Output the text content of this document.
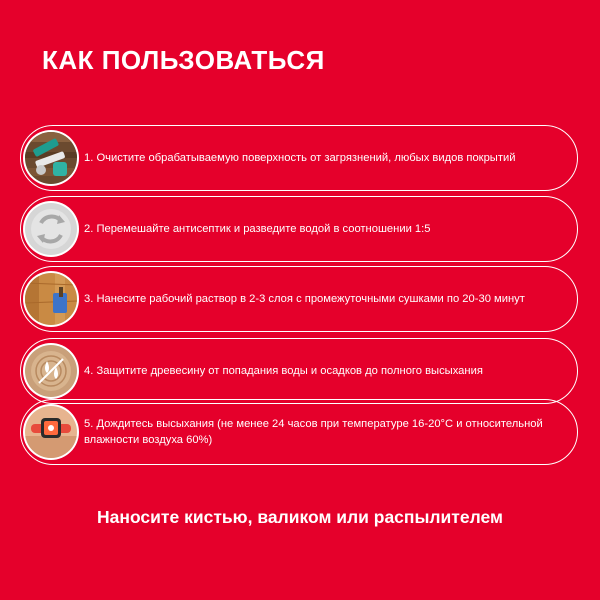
КАК ПОЛЬЗОВАТЬСЯ
1. Очистите обрабатываемую поверхность от загрязнений, любых видов покрытий
2. Перемешайте антисептик и разведите водой в соотношении 1:5
3. Нанесите рабочий раствор в 2-3 слоя с промежуточными сушками по 20-30 минут
4. Защитите древесину от попадания воды и осадков до полного высыхания
5. Дождитесь высыхания (не менее 24 часов при температуре 16-20°C и относительной влажности воздуха 60%)
Наносите кистью, валиком или распылителем
